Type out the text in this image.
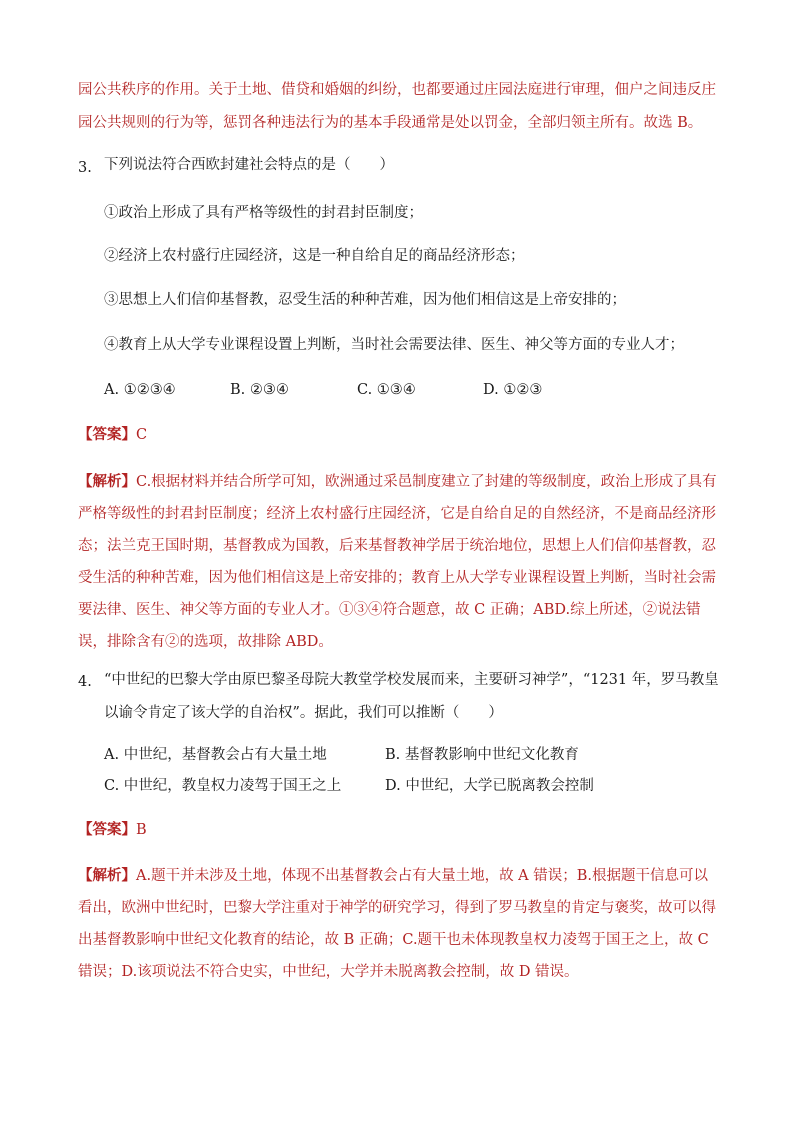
园公共秩序的作用。关于土地、借贷和婚姻的纠纷，也都要通过庄园法庭进行审理，佃户之间违反庄园公共规则的行为等，惩罚各种违法行为的基本手段通常是处以罚金，全部归领主所有。故选 B。
3. 下列说法符合西欧封建社会特点的是（　　）
①政治上形成了具有严格等级性的封君封臣制度；
②经济上农村盛行庄园经济，这是一种自给自足的商品经济形态；
③思想上人们信仰基督教，忍受生活的种种苦难，因为他们相信这是上帝安排的；
④教育上从大学专业课程设置上判断，当时社会需要法律、医生、神父等方面的专业人才；
A. ①②③④	B. ②③④	C. ①③④	D. ①②③
【答案】C
【解析】C.根据材料并结合所学可知，欧洲通过采邑制度建立了封建的等级制度，政治上形成了具有严格等级性的封君封臣制度；经济上农村盛行庄园经济，它是自给自足的自然经济，不是商品经济形态；法兰克王国时期，基督教成为国教，后来基督教神学居于统治地位，思想上人们信仰基督教，忍受生活的种种苦难，因为他们相信这是上帝安排的；教育上从大学专业课程设置上判断，当时社会需要法律、医生、神父等方面的专业人才。①③④符合题意，故 C 正确；ABD.综上所述，②说法错误，排除含有②的选项，故排除 ABD。
4. “中世纪的巴黎大学由原巴黎圣母院大教堂学校发展而来，主要研习神学”，“1231 年，罗马教皇以谕令肯定了该大学的自治权”。据此，我们可以推断（　　）
A. 中世纪，基督教会占有大量土地	B. 基督教影响中世纪文化教育
C. 中世纪，教皇权力凌驾于国王之上	D. 中世纪，大学已脱离教会控制
【答案】B
【解析】A.题干并未涉及土地，体现不出基督教会占有大量土地，故 A 错误；B.根据题干信息可以看出，欧洲中世纪时，巴黎大学注重对于神学的研究学习，得到了罗马教皇的肯定与褒奖，故可以得出基督教影响中世纪文化教育的结论，故 B 正确；C.题干也未体现教皇权力凌驾于国王之上，故 C 错误；D.该项说法不符合史实，中世纪，大学并未脱离教会控制，故 D 错误。
